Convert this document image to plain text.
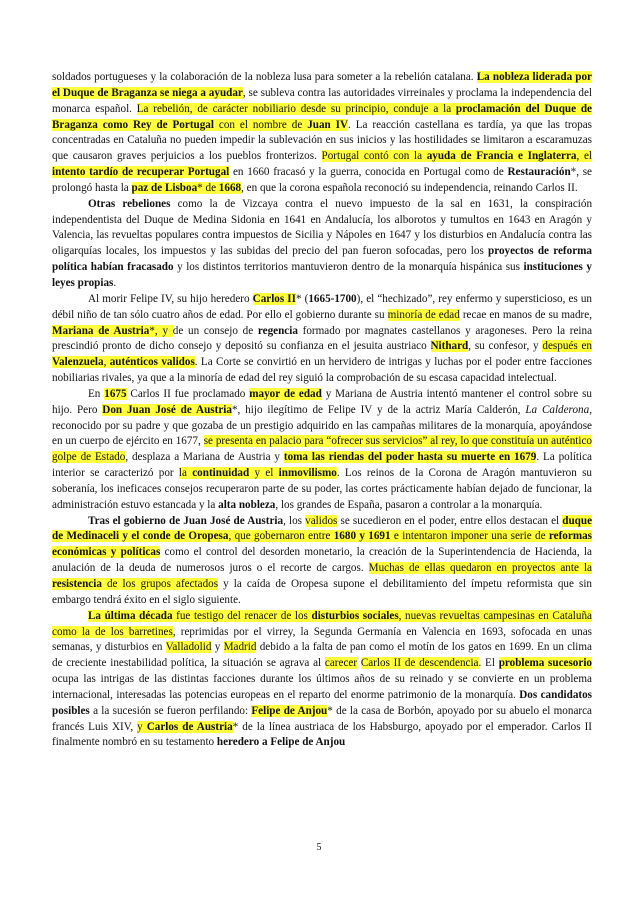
soldados portugueses y la colaboración de la nobleza lusa para someter a la rebelión catalana. La nobleza liderada por el Duque de Braganza se niega a ayudar, se subleva contra las autoridades virreinales y proclama la independencia del monarca español. La rebelión, de carácter nobiliario desde su principio, conduje a la proclamación del Duque de Braganza como Rey de Portugal con el nombre de Juan IV. La reacción castellana es tardía, ya que las tropas concentradas en Cataluña no pueden impedir la sublevación en sus inicios y las hostilidades se limitaron a escaramuzas que causaron graves perjuicios a los pueblos fronterizos. Portugal contó con la ayuda de Francia e Inglaterra, el intento tardío de recuperar Portugal en 1660 fracasó y la guerra, conocida en Portugal como de Restauración*, se prolongó hasta la paz de Lisboa* de 1668, en que la corona española reconoció su independencia, reinando Carlos II.

Otras rebeliones como la de Vizcaya contra el nuevo impuesto de la sal en 1631, la conspiración independentista del Duque de Medina Sidonia en 1641 en Andalucía, los alborotos y tumultos en 1643 en Aragón y Valencia, las revueltas populares contra impuestos de Sicilia y Nápoles en 1647 y los disturbios en Andalucía contra las oligarquías locales, los impuestos y las subidas del precio del pan fueron sofocadas, pero los proyectos de reforma política habían fracasado y los distintos territorios mantuvieron dentro de la monarquía hispánica sus instituciones y leyes propias.

Al morir Felipe IV, su hijo heredero Carlos II* (1665-1700), el “hechizado”, rey enfermo y supersticioso, es un débil niño de tan sólo cuatro años de edad. Por ello el gobierno durante su minoría de edad recae en manos de su madre, Mariana de Austria*, y de un consejo de regencia formado por magnates castellanos y aragoneses. Pero la reina prescindió pronto de dicho consejo y depositó su confianza en el jesuita austriaco Nithard, su confesor, y después en Valenzuela, auténticos validos. La Corte se convirtió en un hervidero de intrigas y luchas por el poder entre facciones nobiliarias rivales, ya que a la minoría de edad del rey siguió la comprobación de su escasa capacidad intelectual.

En 1675 Carlos II fue proclamado mayor de edad y Mariana de Austria intentó mantener el control sobre su hijo. Pero Don Juan José de Austria*, hijo ilegítimo de Felipe IV y de la actriz María Calderón, La Calderona, reconocido por su padre y que gozaba de un prestigio adquirido en las campañas militares de la monarquía, apoyándose en un cuerpo de ejército en 1677, se presenta en palacio para “ofrecer sus servicios” al rey, lo que constituía un auténtico golpe de Estado, desplaza a Mariana de Austria y toma las riendas del poder hasta su muerte en 1679. La política interior se caracterizó por la continuidad y el inmovilismo. Los reinos de la Corona de Aragón mantuvieron su soberanía, los ineficaces consejos recuperaron parte de su poder, las cortes prácticamente habían dejado de funcionar, la administración estuvo estancada y la alta nobleza, los grandes de España, pasaron a controlar a la monarquía.

Tras el gobierno de Juan José de Austria, los validos se sucedieron en el poder, entre ellos destacan el duque de Medinaceli y el conde de Oropesa, que gobernaron entre 1680 y 1691 e intentaron imponer una serie de reformas económicas y políticas como el control del desorden monetario, la creación de la Superintendencia de Hacienda, la anulación de la deuda de numerosos juros o el recorte de cargos. Muchas de ellas quedaron en proyectos ante la resistencia de los grupos afectados y la caída de Oropesa supone el debilitamiento del ímpetu reformista que sin embargo tendrá éxito en el siglo siguiente.

La última década fue testigo del renacer de los disturbios sociales, nuevas revueltas campesinas en Cataluña como la de los barretines, reprimidas por el virrey, la Segunda Germanía en Valencia en 1693, sofocada en unas semanas, y disturbios en Valladolid y Madrid debido a la falta de pan como el motín de los gatos en 1699. En un clima de creciente inestabilidad política, la situación se agrava al carecer Carlos II de descendencia. El problema sucesorio ocupa las intrigas de las distintas facciones durante los últimos años de su reinado y se convierte en un problema internacional, interesadas las potencias europeas en el reparto del enorme patrimonio de la monarquía. Dos candidatos posibles a la sucesión se fueron perfilando: Felipe de Anjou* de la casa de Borbón, apoyado por su abuelo el monarca francés Luis XIV, y Carlos de Austria* de la línea austriaca de los Habsburgo, apoyado por el emperador. Carlos II finalmente nombró en su testamento heredero a Felipe de Anjou

5
